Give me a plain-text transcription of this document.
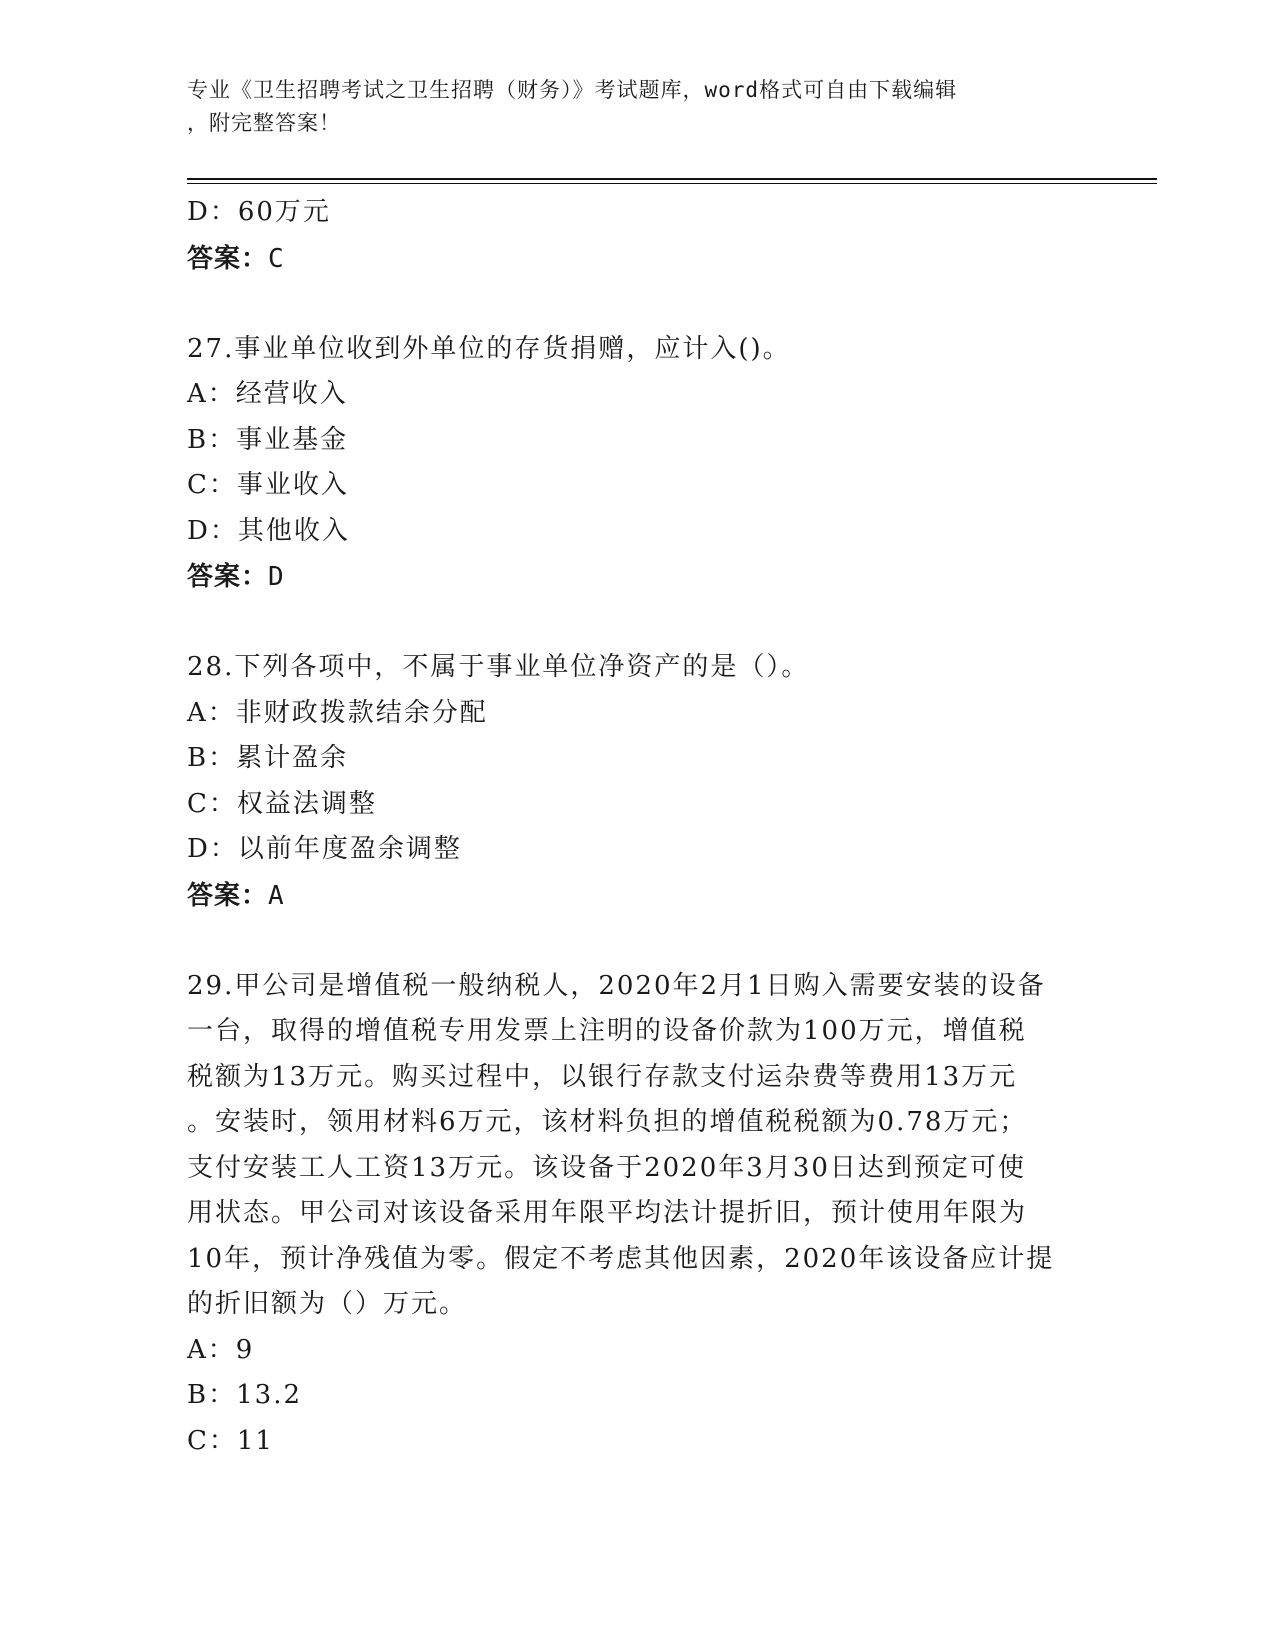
专业《卫生招聘考试之卫生招聘（财务）》考试题库，word格式可自由下载编辑
，附完整答案！
D：60万元
答案：C
27.事业单位收到外单位的存货捐赠，应计入()。
A：经营收入
B：事业基金
C：事业收入
D：其他收入
答案：D
28.下列各项中，不属于事业单位净资产的是（）。
A：非财政拨款结余分配
B：累计盈余
C：权益法调整
D：以前年度盈余调整
答案：A
29.甲公司是增值税一般纳税人，2020年2月1日购入需要安装的设备
一台，取得的增值税专用发票上注明的设备价款为100万元，增值税
税额为13万元。购买过程中，以银行存款支付运杂费等费用13万元
。安装时，领用材料6万元，该材料负担的增值税税额为0.78万元；
支付安装工人工资13万元。该设备于2020年3月30日达到预定可使
用状态。甲公司对该设备采用年限平均法计提折旧，预计使用年限为
10年，预计净残值为零。假定不考虑其他因素，2020年该设备应计提
的折旧额为（）万元。
A：9
B：13.2
C：11
